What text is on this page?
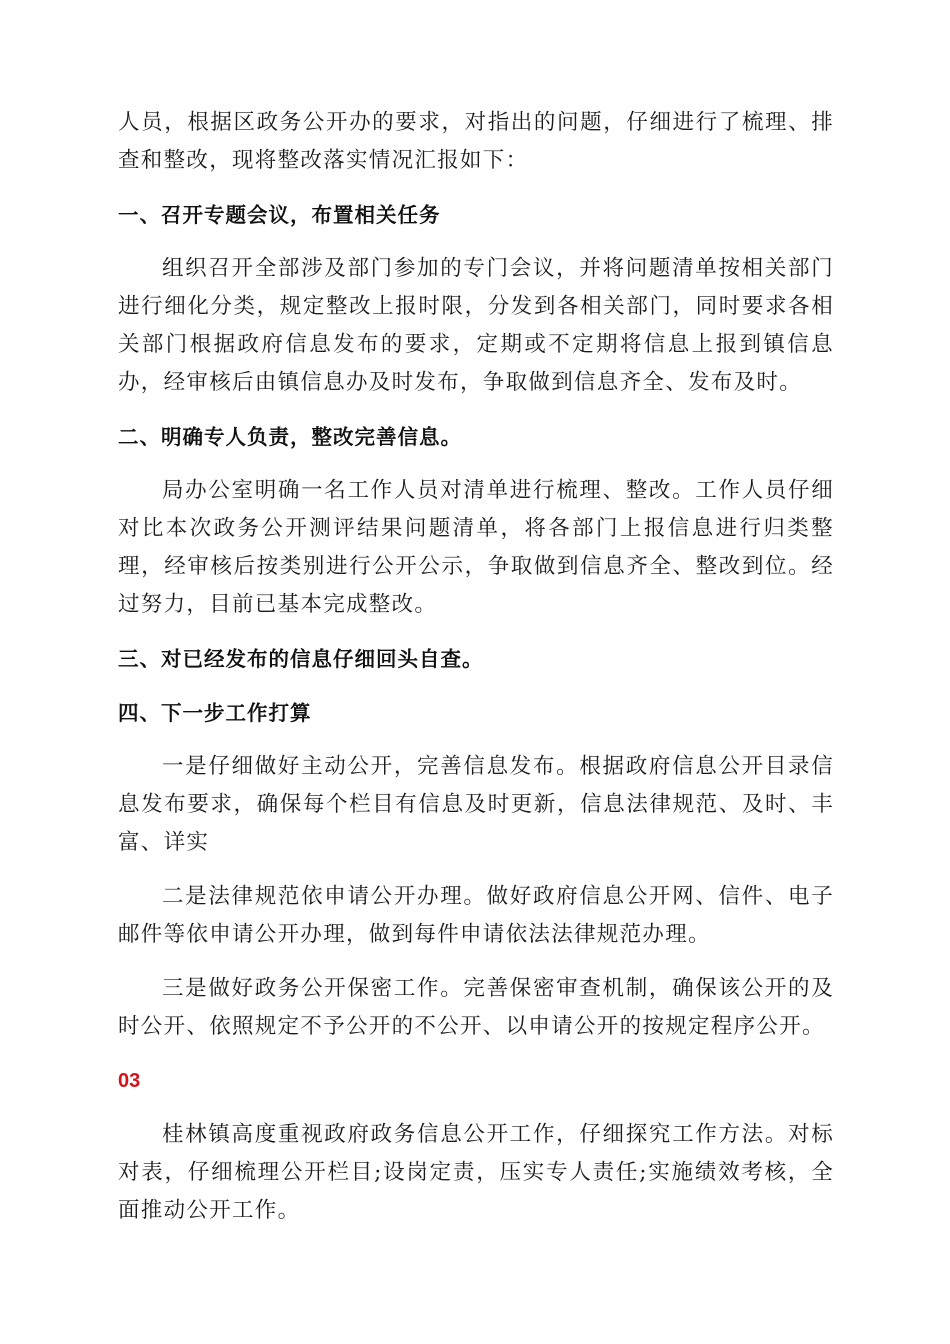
人员，根据区政务公开办的要求，对指出的问题，仔细进行了梳理、排查和整改，现将整改落实情况汇报如下：

一、召开专题会议，布置相关任务

组织召开全部涉及部门参加的专门会议，并将问题清单按相关部门进行细化分类，规定整改上报时限，分发到各相关部门，同时要求各相关部门根据政府信息发布的要求，定期或不定期将信息上报到镇信息办，经审核后由镇信息办及时发布，争取做到信息齐全、发布及时。

二、明确专人负责，整改完善信息。

局办公室明确一名工作人员对清单进行梳理、整改。工作人员仔细对比本次政务公开测评结果问题清单，将各部门上报信息进行归类整理，经审核后按类别进行公开公示，争取做到信息齐全、整改到位。经过努力，目前已基本完成整改。

三、对已经发布的信息仔细回头自查。

四、下一步工作打算

一是仔细做好主动公开，完善信息发布。根据政府信息公开目录信息发布要求，确保每个栏目有信息及时更新，信息法律规范、及时、丰富、详实

二是法律规范依申请公开办理。做好政府信息公开网、信件、电子邮件等依申请公开办理，做到每件申请依法法律规范办理。

三是做好政务公开保密工作。完善保密审查机制，确保该公开的及时公开、依照规定不予公开的不公开、以申请公开的按规定程序公开。

03

桂林镇高度重视政府政务信息公开工作，仔细探究工作方法。对标对表，仔细梳理公开栏目;设岗定责，压实专人责任;实施绩效考核，全面推动公开工作。
